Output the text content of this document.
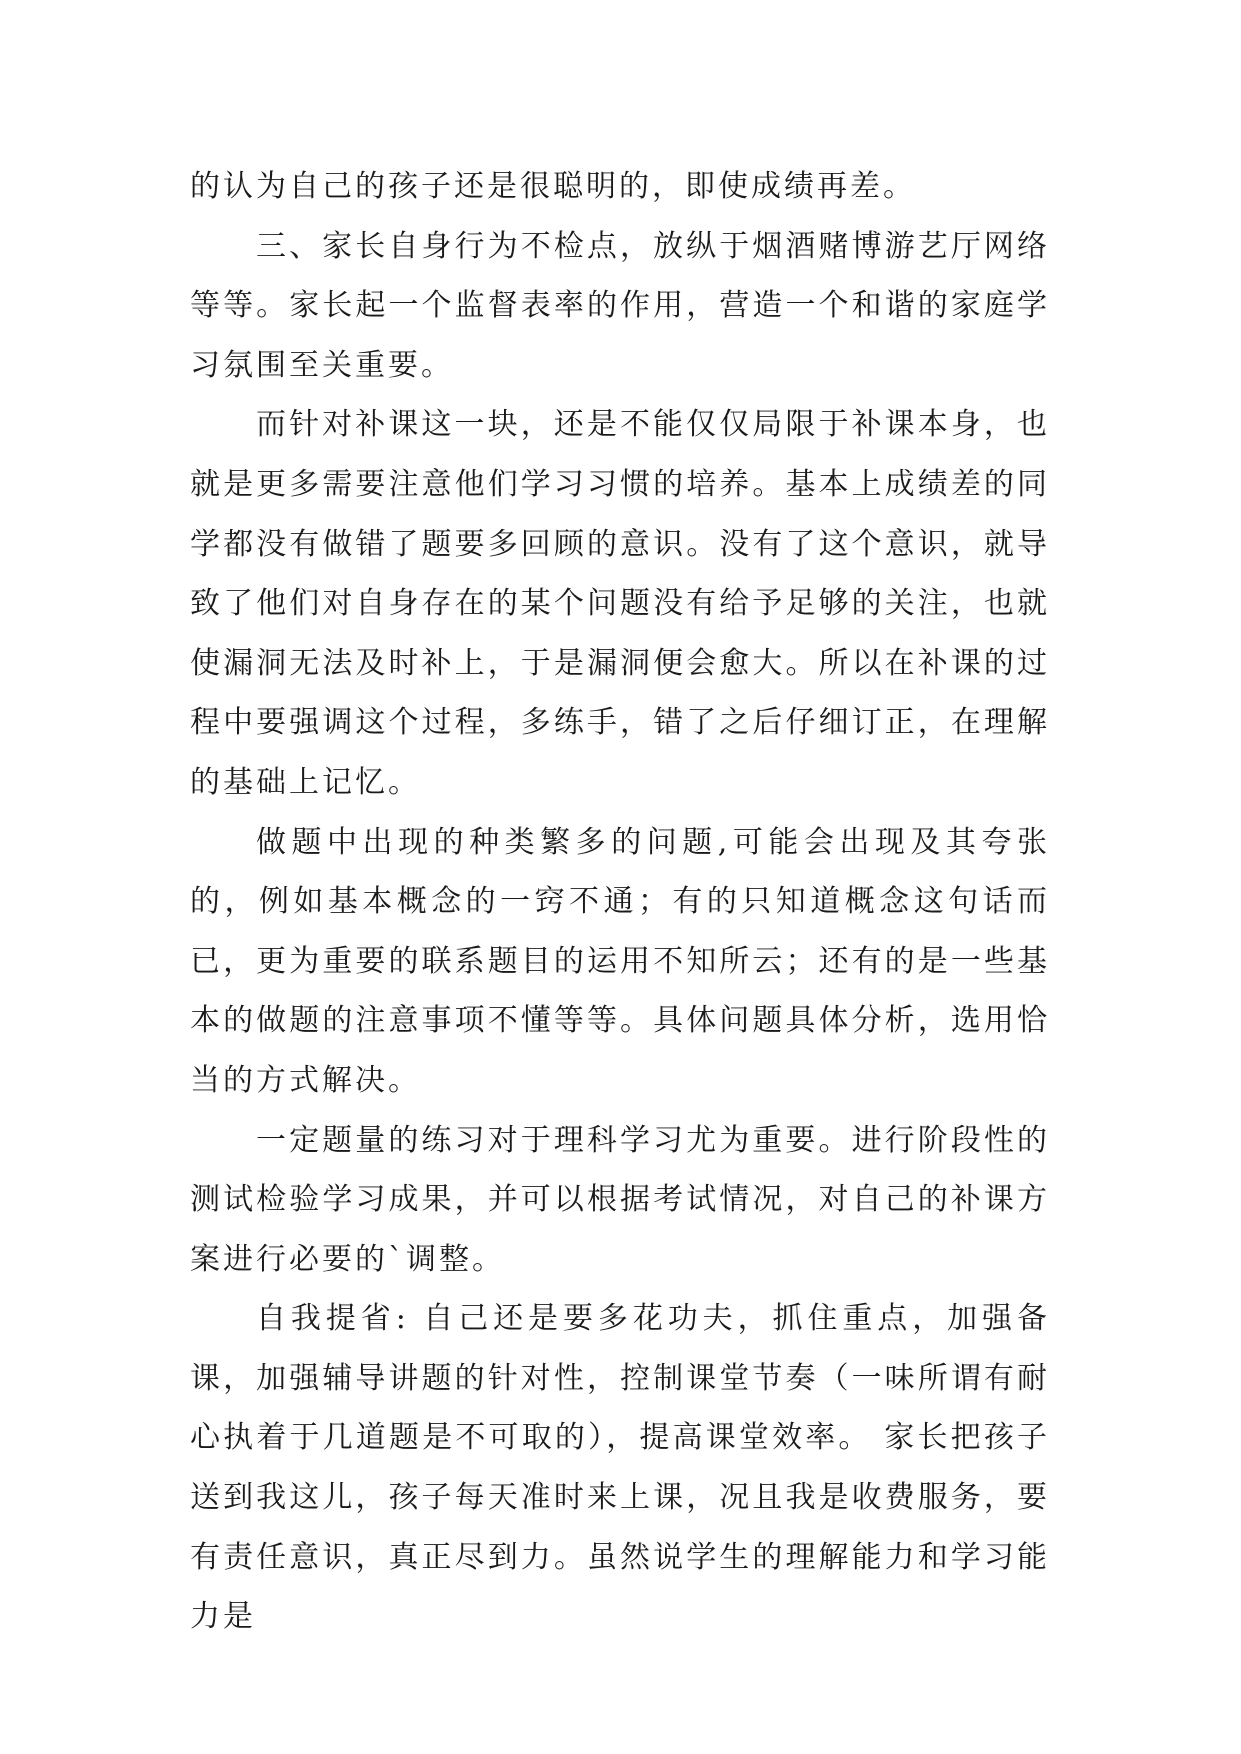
的认为自己的孩子还是很聪明的，即使成绩再差。

三、家长自身行为不检点，放纵于烟酒赌博游艺厅网络等等。家长起一个监督表率的作用，营造一个和谐的家庭学习氛围至关重要。

而针对补课这一块，还是不能仅仅局限于补课本身，也就是更多需要注意他们学习习惯的培养。基本上成绩差的同学都没有做错了题要多回顾的意识。没有了这个意识，就导致了他们对自身存在的某个问题没有给予足够的关注，也就使漏洞无法及时补上，于是漏洞便会愈大。所以在补课的过程中要强调这个过程，多练手，错了之后仔细订正，在理解的基础上记忆。

做题中出现的种类繁多的问题,可能会出现及其夸张的，例如基本概念的一窍不通；有的只知道概念这句话而已，更为重要的联系题目的运用不知所云；还有的是一些基本的做题的注意事项不懂等等。具体问题具体分析，选用恰当的方式解决。

一定题量的练习对于理科学习尤为重要。进行阶段性的测试检验学习成果，并可以根据考试情况，对自己的补课方案进行必要的`调整。

自我提省: 自己还是要多花功夫，抓住重点，加强备课，加强辅导讲题的针对性，控制课堂节奏（一味所谓有耐心执着于几道题是不可取的），提高课堂效率。 家长把孩子送到我这儿，孩子每天准时来上课，况且我是收费服务，要有责任意识，真正尽到力。虽然说学生的理解能力和学习能力是
